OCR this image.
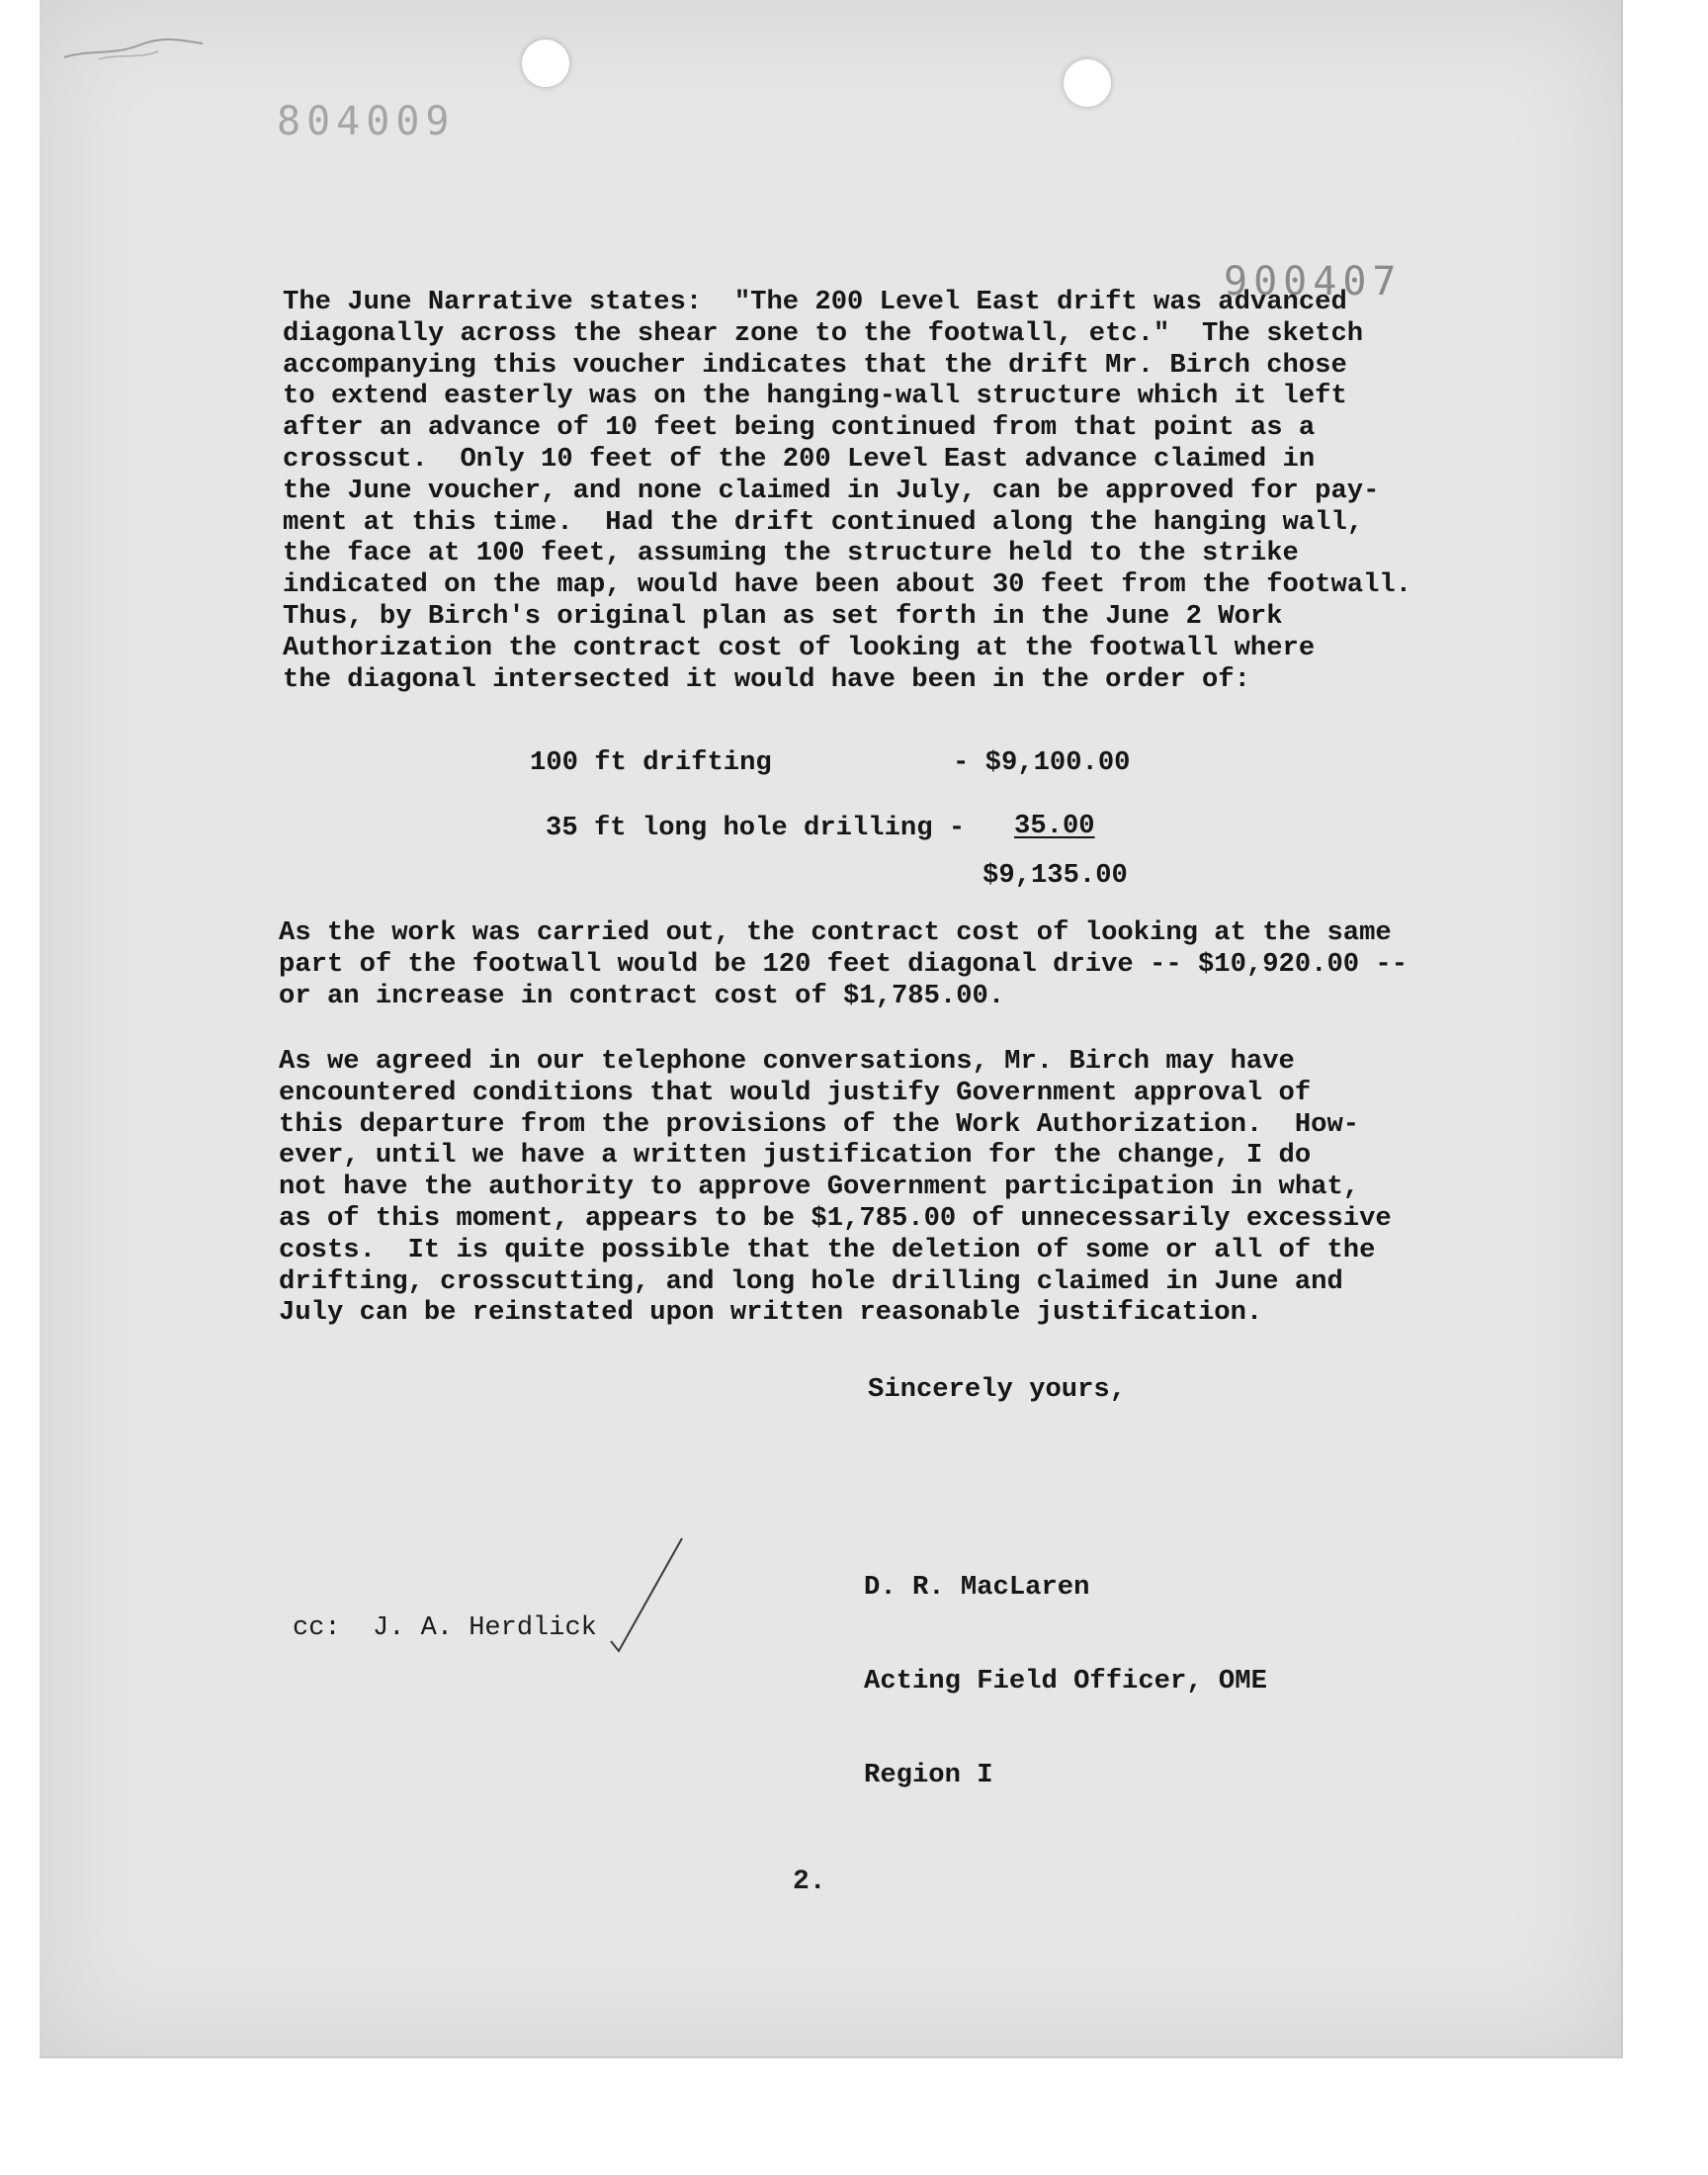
804009
900407
The June Narrative states:  "The 200 Level East drift was advanced
diagonally across the shear zone to the footwall, etc."  The sketch
accompanying this voucher indicates that the drift Mr. Birch chose
to extend easterly was on the hanging-wall structure which it left
after an advance of 10 feet being continued from that point as a
crosscut.  Only 10 feet of the 200 Level East advance claimed in
the June voucher, and none claimed in July, can be approved for pay-
ment at this time.  Had the drift continued along the hanging wall,
the face at 100 feet, assuming the structure held to the strike
indicated on the map, would have been about 30 feet from the footwall.
Thus, by Birch's original plan as set forth in the June 2 Work
Authorization the contract cost of looking at the footwall where
the diagonal intersected it would have been in the order of:
100 ft drifting	- $9,100.00
35 ft long hole drilling -	35.00
$9,135.00
As the work was carried out, the contract cost of looking at the same
part of the footwall would be 120 feet diagonal drive -- $10,920.00 --
or an increase in contract cost of $1,785.00.
As we agreed in our telephone conversations, Mr. Birch may have
encountered conditions that would justify Government approval of
this departure from the provisions of the Work Authorization.  How-
ever, until we have a written justification for the change, I do
not have the authority to approve Government participation in what,
as of this moment, appears to be $1,785.00 of unnecessarily excessive
costs.  It is quite possible that the deletion of some or all of the
drifting, crosscutting, and long hole drilling claimed in June and
July can be reinstated upon written reasonable justification.
Sincerely yours,

D. R. MacLaren

Acting Field Officer, OME

Region I

cc:  J. A. Herdlick
2.
